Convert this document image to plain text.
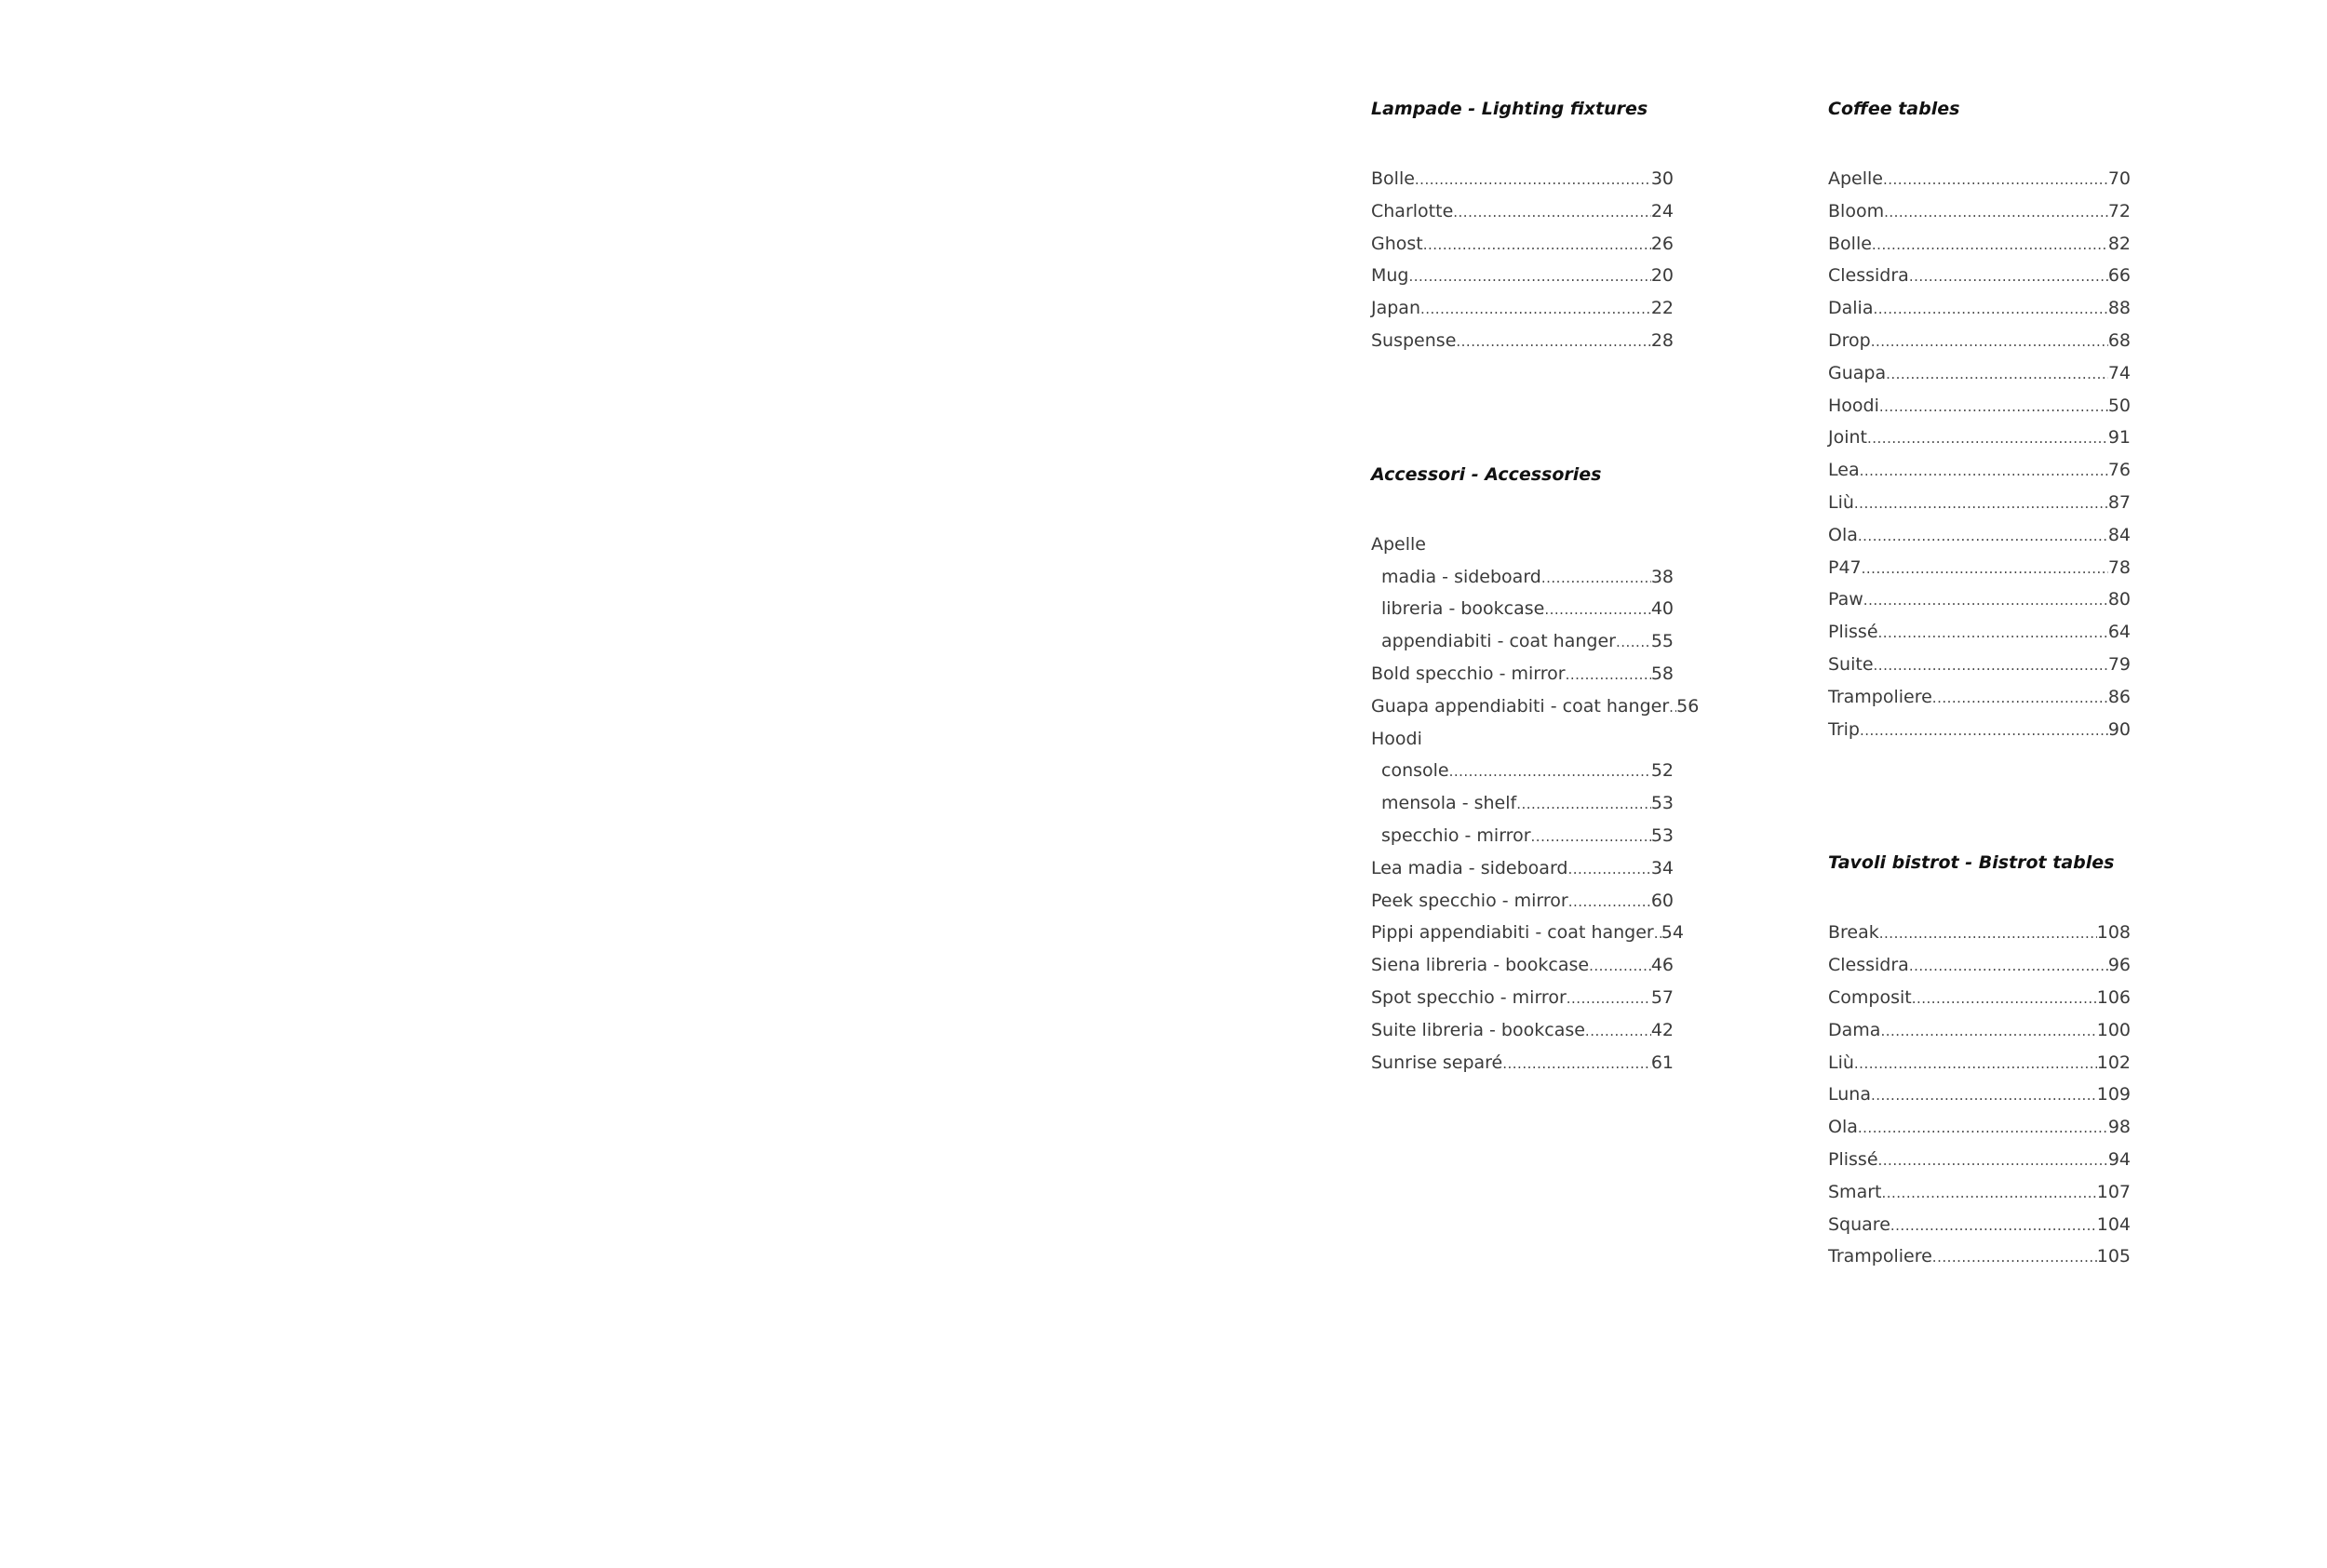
Lampade - Lighting fixtures
Bolle .....	30
Charlotte .....	24
Ghost .....	26
Mug .....	20
Japan .....	22
Suspense .....	28
Accessori - Accessories
Apelle
madia - sideboard .....	38
libreria - bookcase .....	40
appendiabiti - coat hanger ..... 55
Bold specchio - mirror .....	58
Guapa appendiabiti - coat hanger ..... 56
Hoodi
console .....	52
mensola - shelf .....	53
specchio - mirror .....	53
Lea madia - sideboard .....	34
Peek specchio - mirror .....	60
Pippi appendiabiti - coat hanger ..... 54
Siena libreria - bookcase .....	46
Spot specchio - mirror .....	57
Suite libreria - bookcase .....	42
Sunrise separé .....	61
Coffee tables
Apelle .....	70
Bloom .....	72
Bolle .....	82
Clessidra .....	66
Dalia .....	88
Drop .....	68
Guapa .....	74
Hoodi .....	50
Joint .....	91
Lea .....	76
Liù .....	87
Ola .....	84
P47 .....	78
Paw .....	80
Plissé .....	64
Suite .....	79
Trampoliere .....	86
Trip .....	90
Tavoli bistrot - Bistrot tables
Break .....	108
Clessidra .....	96
Composit .....	106
Dama .....	100
Liù .....	102
Luna .....	109
Ola .....	98
Plissé .....	94
Smart .....	107
Square .....	104
Trampoliere .....	105
